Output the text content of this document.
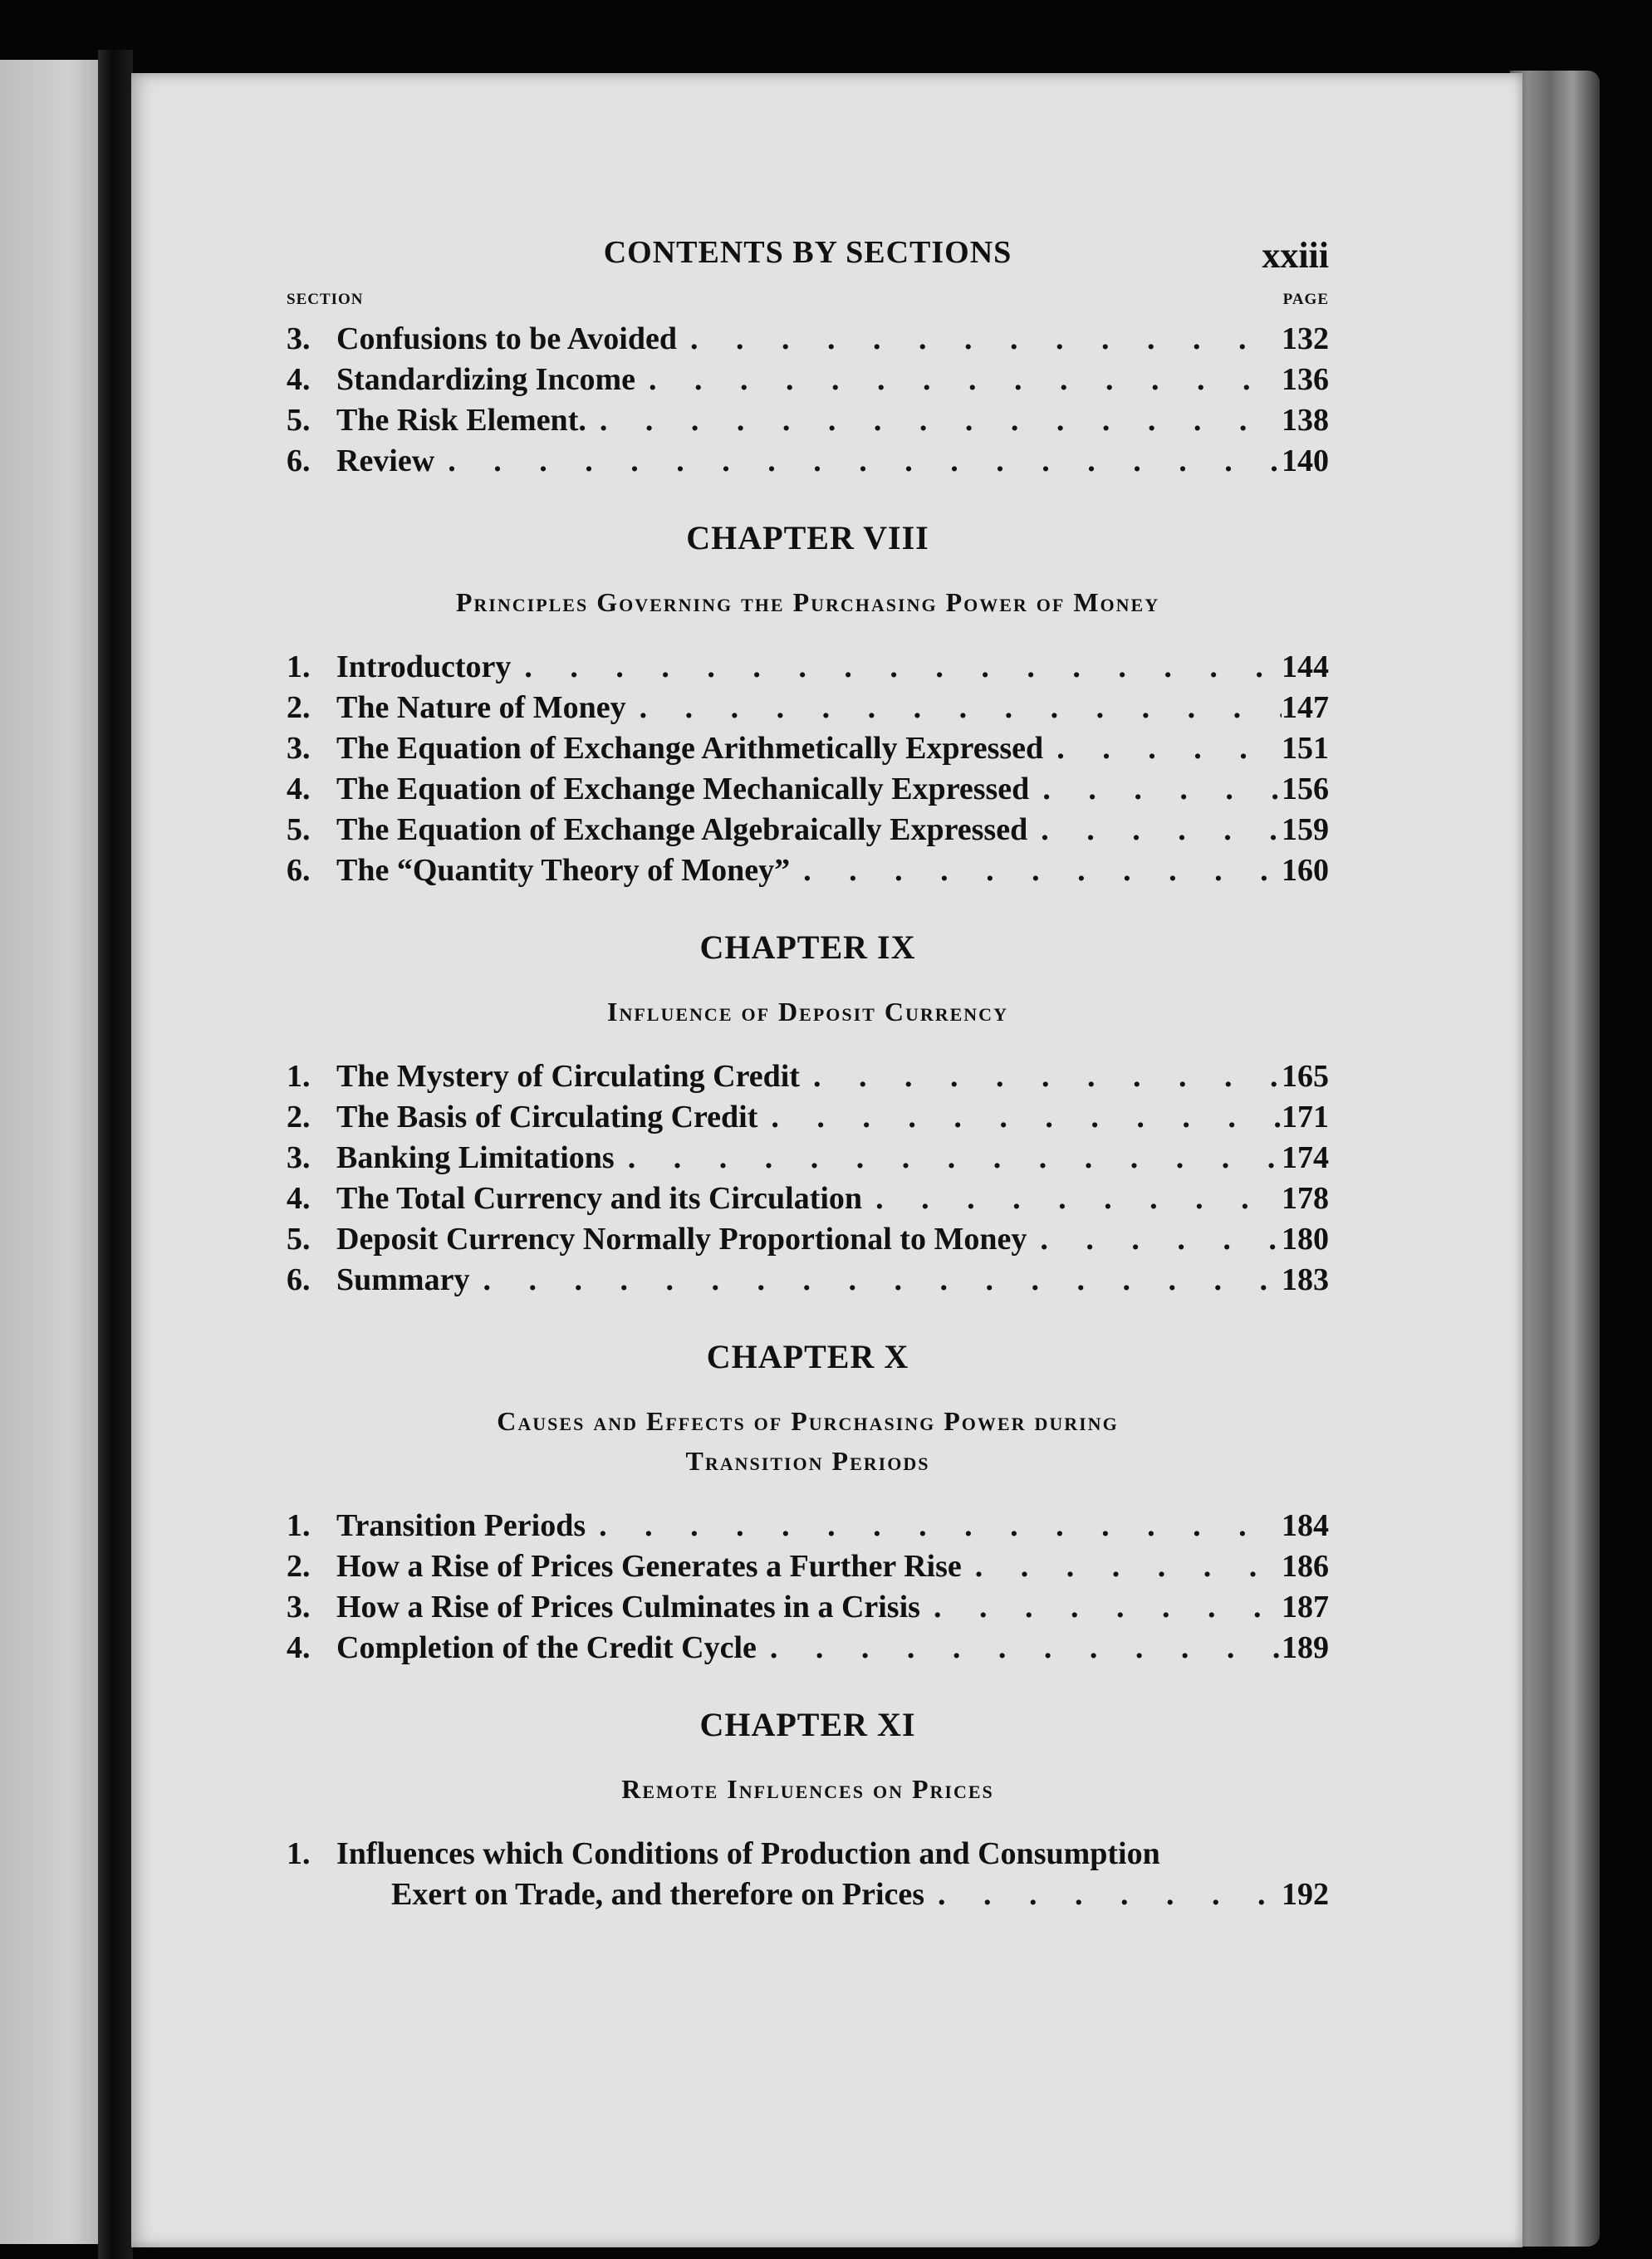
CONTENTS BY SECTIONS	xxiii
SECTION	PAGE
3. Confusions to be Avoided . . .	132
4. Standardizing Income . . .	136
5. The Risk Element. . . .	138
6. Review . . .	140
CHAPTER VIII
Principles Governing the Purchasing Power of Money
1. Introductory . . .	144
2. The Nature of Money . . .	147
3. The Equation of Exchange Arithmetically Expressed . . .	151
4. The Equation of Exchange Mechanically Expressed . . .	156
5. The Equation of Exchange Algebraically Expressed . . .	159
6. The “Quantity Theory of Money” . . .	160
CHAPTER IX
Influence of Deposit Currency
1. The Mystery of Circulating Credit . . .	165
2. The Basis of Circulating Credit . . .	171
3. Banking Limitations . . .	174
4. The Total Currency and its Circulation . . .	178
5. Deposit Currency Normally Proportional to Money . . .	180
6. Summary . . .	183
CHAPTER X
Causes and Effects of Purchasing Power during
Transition Periods
1. Transition Periods . . .	184
2. How a Rise of Prices Generates a Further Rise . . .	186
3. How a Rise of Prices Culminates in a Crisis . . .	187
4. Completion of the Credit Cycle . . .	189
CHAPTER XI
Remote Influences on Prices
1. Influences which Conditions of Production and Consumption
Exert on Trade, and therefore on Prices . . .	192
